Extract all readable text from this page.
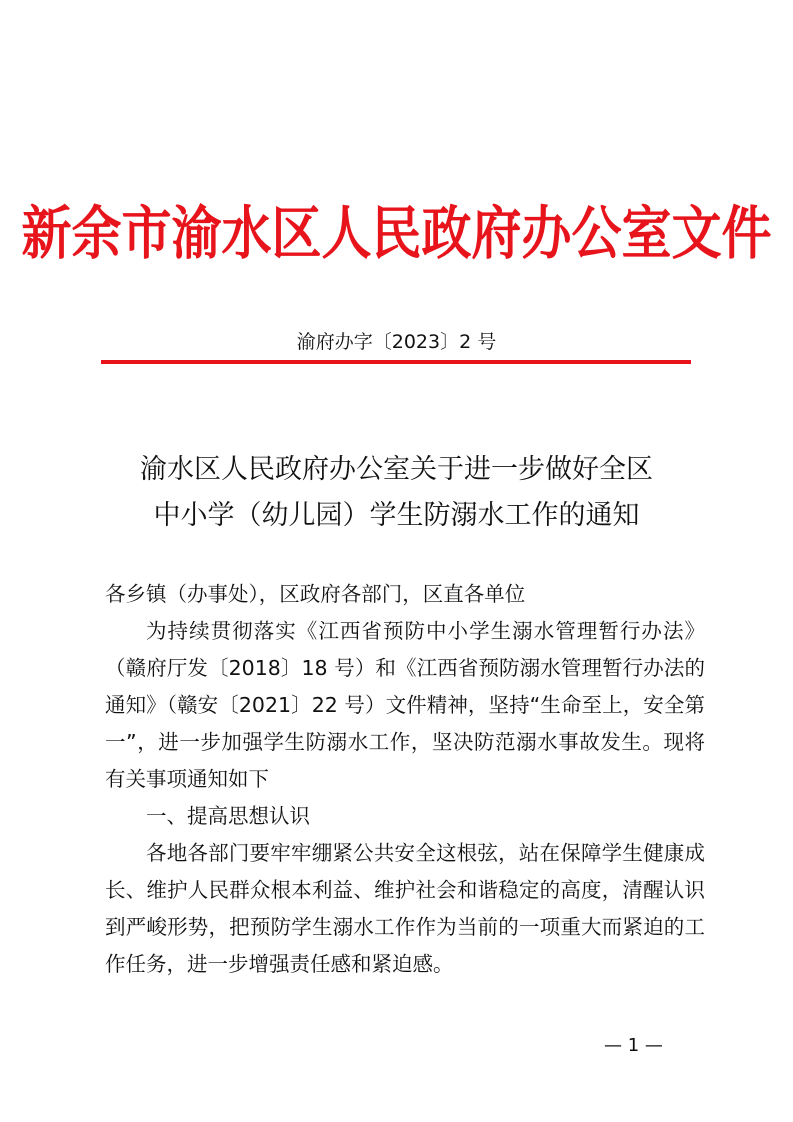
新余市渝水区人民政府办公室文件
渝府办字〔2023〕2 号
渝水区人民政府办公室关于进一步做好全区
中小学（幼儿园）学生防溺水工作的通知

各乡镇（办事处），区政府各部门，区直各单位

为持续贯彻落实《江西省预防中小学生溺水管理暂行办法》（赣府厅发〔2018〕18 号）和《江西省预防溺水管理暂行办法的通知》（赣安〔2021〕22 号）文件精神，坚持“生命至上，安全第一”，进一步加强学生防溺水工作，坚决防范溺水事故发生。现将有关事项通知如下

一、提高思想认识

各地各部门要牢牢绷紧公共安全这根弦，站在保障学生健康成长、维护人民群众根本利益、维护社会和谐稳定的高度，清醒认识到严峻形势，把预防学生溺水工作作为当前的一项重大而紧迫的工作任务，进一步增强责任感和紧迫感。

— 1 —
